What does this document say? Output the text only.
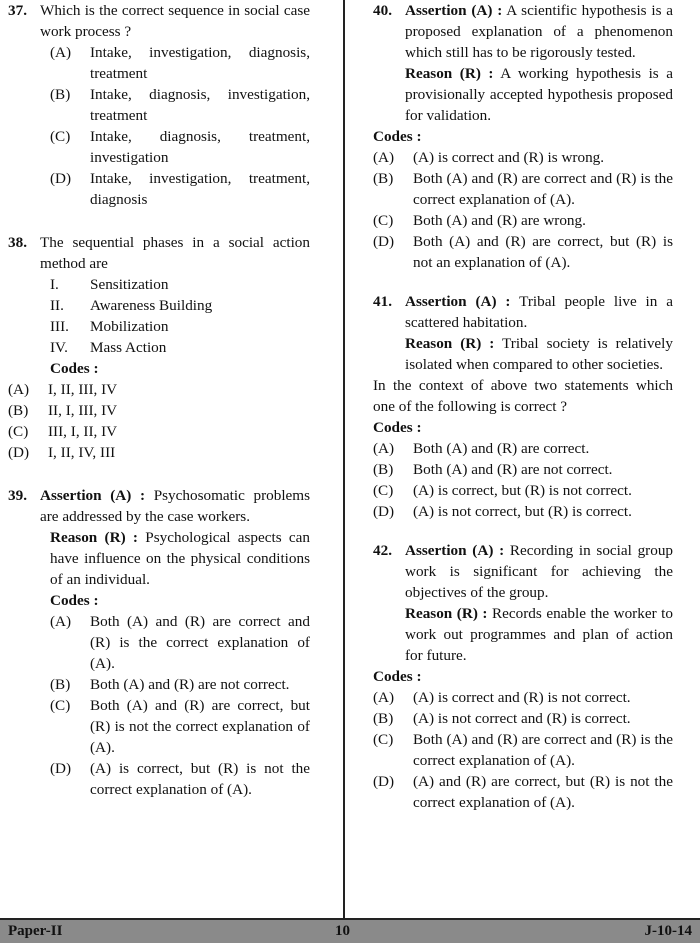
37. Which is the correct sequence in social case work process ?
(A)	Intake, investigation, diagnosis, treatment
(B)	Intake, diagnosis, investigation, treatment
(C)	Intake, diagnosis, treatment, investigation
(D)	Intake, investigation, treatment, diagnosis
38. The sequential phases in a social action method are
I.	Sensitization
II.	Awareness Building
III.	Mobilization
IV.	Mass Action
Codes :
(A)	I, II, III, IV
(B)	II, I, III, IV
(C)	III, I, II, IV
(D)	I, II, IV, III
39. Assertion (A) : Psychosomatic problems are addressed by the case workers.
Reason (R) : Psychological aspects can have influence on the physical conditions of an individual.
Codes :
(A)	Both (A) and (R) are correct and (R) is the correct explanation of (A).
(B)	Both (A) and (R) are not correct.
(C)	Both (A) and (R) are correct, but (R) is not the correct explanation of (A).
(D)	(A) is correct, but (R) is not the correct explanation of (A).
40. Assertion (A) : A scientific hypothesis is a proposed explanation of a phenomenon which still has to be rigorously tested.
Reason (R) : A working hypothesis is a provisionally accepted hypothesis proposed for validation.
Codes :
(A)	(A) is correct and (R) is wrong.
(B)	Both (A) and (R) are correct and (R) is the correct explanation of (A).
(C)	Both (A) and (R) are wrong.
(D)	Both (A) and (R) are correct, but (R) is not an explanation of (A).
41. Assertion (A) : Tribal people live in a scattered habitation.
Reason (R) : Tribal society is relatively isolated when compared to other societies.
In the context of above two statements which one of the following is correct ?
Codes :
(A)	Both (A) and (R) are correct.
(B)	Both (A) and (R) are not correct.
(C)	(A) is correct, but (R) is not correct.
(D)	(A) is not correct, but (R) is correct.
42. Assertion (A) : Recording in social group work is significant for achieving the objectives of the group.
Reason (R) : Records enable the worker to work out programmes and plan of action for future.
Codes :
(A)	(A) is correct and (R) is not correct.
(B)	(A) is not correct and (R) is correct.
(C)	Both (A) and (R) are correct and (R) is the correct explanation of (A).
(D)	(A) and (R) are correct, but (R) is not the correct explanation of (A).
Paper-II	10	J-10-14
